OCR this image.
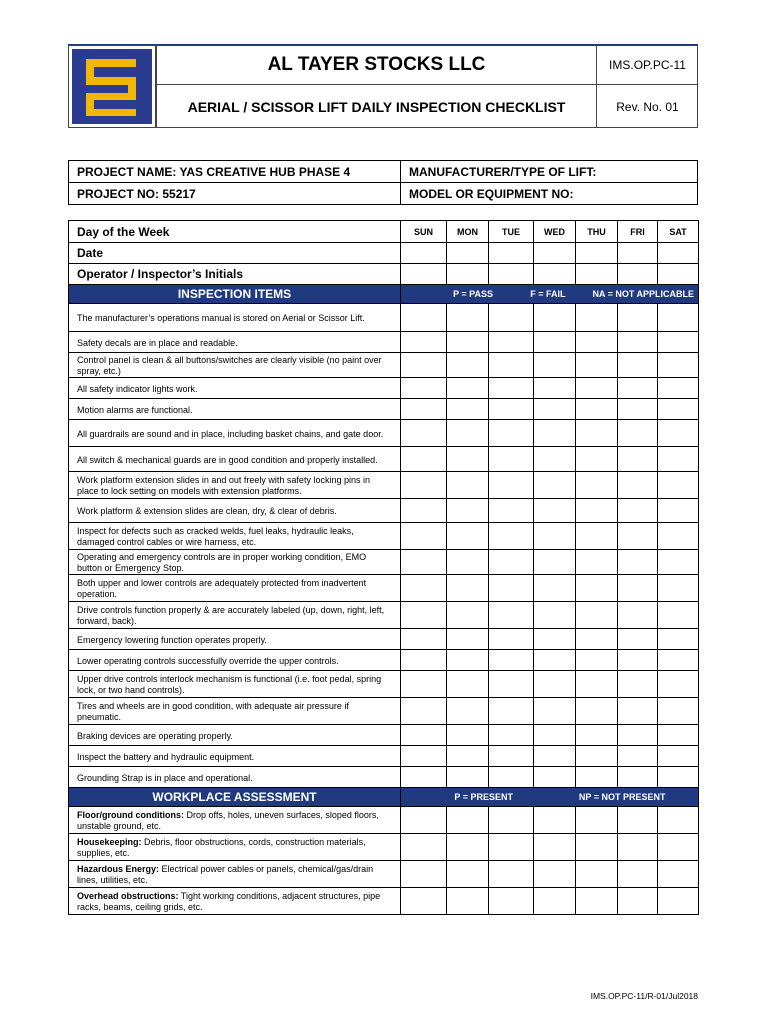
AL TAYER STOCKS LLC
AERIAL / SCISSOR LIFT DAILY INSPECTION CHECKLIST
IMS.OP.PC-11
Rev. No. 01
PROJECT NAME: YAS CREATIVE HUB PHASE 4	MANUFACTURER/TYPE OF LIFT:
PROJECT NO: 55217	MODEL OR EQUIPMENT NO:
Day of the Week	SUN	MON	TUE	WED	THU	FRI	SAT
Date							
Operator / Inspector’s Initials							
INSPECTION ITEMS	P = PASS F = FAIL NA = NOT APPLICABLE						
The manufacturer’s operations manual is stored on Aerial or Scissor Lift.							
Safety decals are in place and readable.							
Control panel is clean & all buttons/switches are clearly visible (no paint over spray, etc.)							
All safety indicator lights work.							
Motion alarms are functional.							
All guardrails are sound and in place, including basket chains, and gate door.							
All switch & mechanical guards are in good condition and properly installed.							
Work platform extension slides in and out freely with safety locking pins in place to lock setting on models with extension platforms.							
Work platform & extension slides are clean, dry, & clear of debris.							
Inspect for defects such as cracked welds, fuel leaks, hydraulic leaks, damaged control cables or wire harness, etc.							
Operating and emergency controls are in proper working condition, EMO button or Emergency Stop.							
Both upper and lower controls are adequately protected from inadvertent operation.							
Drive controls function properly & are accurately labeled (up, down, right, left, forward, back).							
Emergency lowering function operates properly.							
Lower operating controls successfully override the upper controls.							
Upper drive controls interlock mechanism is functional (i.e. foot pedal, spring lock, or two hand controls).							
Tires and wheels are in good condition, with adequate air pressure if pneumatic.							
Braking devices are operating properly.							
Inspect the battery and hydraulic equipment.							
Grounding Strap is in place and operational.							
WORKPLACE ASSESSMENT	P = PRESENT NP = NOT PRESENT						
Floor/ground conditions: Drop offs, holes, uneven surfaces, sloped floors, unstable ground, etc.							
Housekeeping: Debris, floor obstructions, cords, construction materials, supplies, etc.							
Hazardous Energy: Electrical power cables or panels, chemical/gas/drain lines, utilities, etc.							
Overhead obstructions: Tight working conditions, adjacent structures, pipe racks, beams, ceiling grids, etc.							
IMS.OP.PC-11/R-01/Jul2018
